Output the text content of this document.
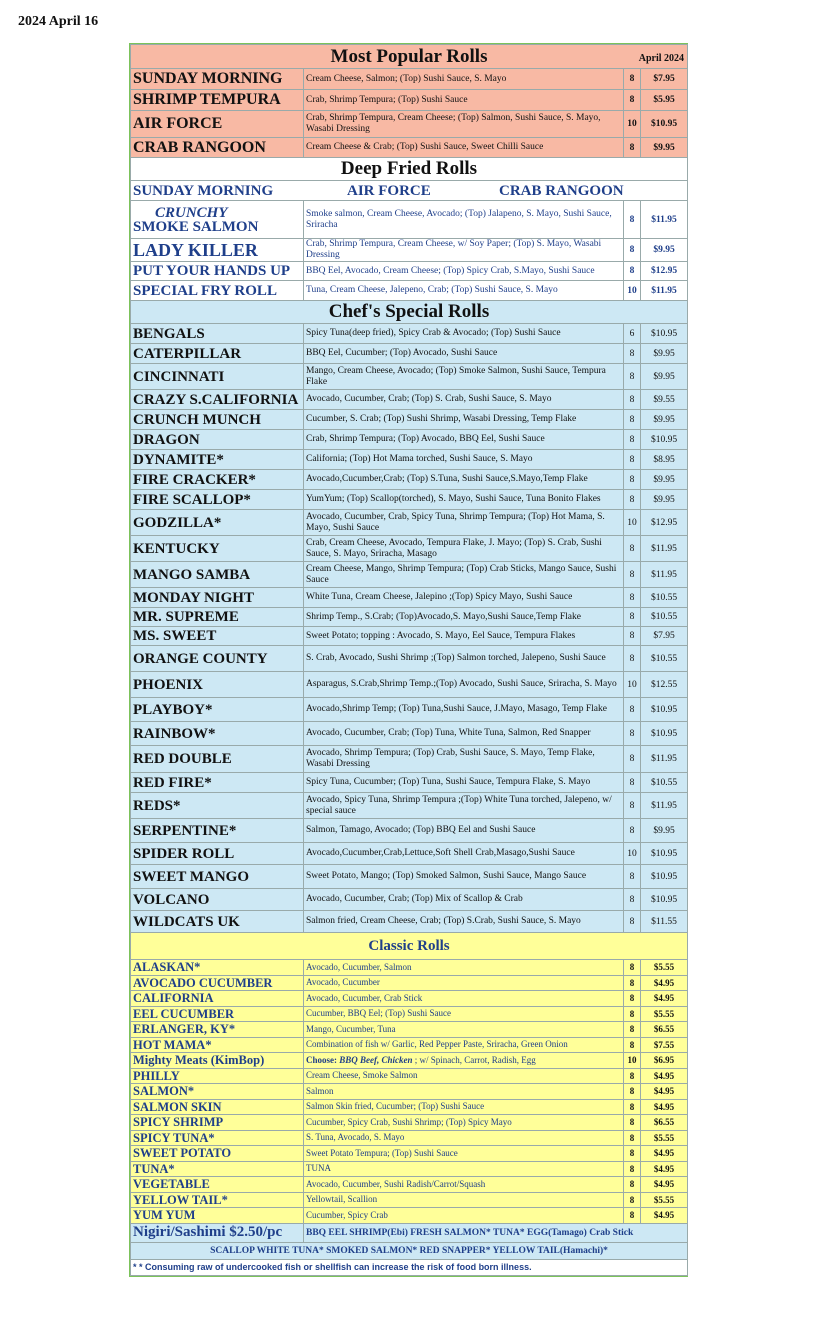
2024 April 16
Most Popular Rolls April 2024			

SUNDAY MORNING	Cream Cheese, Salmon; (Top) Sushi Sauce, S. Mayo	8	$7.95
SHRIMP TEMPURA	Crab, Shrimp Tempura; (Top) Sushi Sauce	8	$5.95
AIR FORCE	Crab, Shrimp Tempura, Cream Cheese; (Top) Salmon, Sushi Sauce, S. Mayo, Wasabi Dressing	10	$10.95
CRAB RANGOON	Cream Cheese & Crab; (Top) Sushi Sauce, Sweet Chilli Sauce	8	$9.95
Deep Fried Rolls			

SUNDAY MORNING AIR FORCE CRAB RANGOON			

CRUNCHY
SMOKE SALMON	Smoke salmon, Cream Cheese, Avocado; (Top) Jalapeno, S. Mayo, Sushi Sauce, Sriracha	8	$11.95
LADY KILLER	Crab, Shrimp Tempura, Cream Cheese, w/ Soy Paper; (Top) S. Mayo, Wasabi Dressing	8	$9.95
PUT YOUR HANDS UP	BBQ Eel, Avocado, Cream Cheese; (Top) Spicy Crab, S.Mayo, Sushi Sauce	8	$12.95
SPECIAL FRY ROLL	Tuna, Cream Cheese, Jalepeno, Crab; (Top) Sushi Sauce, S. Mayo	10	$11.95
Chef's Special Rolls			
BENGALS	Spicy Tuna(deep fried), Spicy Crab & Avocado; (Top) Sushi Sauce	6	$10.95
CATERPILLAR	BBQ Eel, Cucumber; (Top) Avocado, Sushi Sauce	8	$9.95
CINCINNATI	Mango, Cream Cheese, Avocado; (Top) Smoke Salmon, Sushi Sauce, Tempura Flake	8	$9.95
CRAZY S.CALIFORNIA	Avocado, Cucumber, Crab; (Top) S. Crab, Sushi Sauce, S. Mayo	8	$9.55
CRUNCH MUNCH	Cucumber, S. Crab; (Top) Sushi Shrimp, Wasabi Dressing, Temp Flake	8	$9.95
DRAGON	Crab, Shrimp Tempura; (Top) Avocado, BBQ Eel, Sushi Sauce	8	$10.95
DYNAMITE*	California; (Top) Hot Mama torched, Sushi Sauce, S. Mayo	8	$8.95
FIRE CRACKER*	Avocado,Cucumber,Crab; (Top) S.Tuna, Sushi Sauce,S.Mayo,Temp Flake	8	$9.95
FIRE SCALLOP*	YumYum; (Top) Scallop(torched), S. Mayo, Sushi Sauce, Tuna Bonito Flakes	8	$9.95
GODZILLA*	Avocado, Cucumber, Crab, Spicy Tuna, Shrimp Tempura; (Top) Hot Mama, S. Mayo, Sushi Sauce	10	$12.95
KENTUCKY	Crab, Cream Cheese, Avocado, Tempura Flake, J. Mayo; (Top) S. Crab, Sushi Sauce, S. Mayo, Sriracha, Masago	8	$11.95
MANGO SAMBA	Cream Cheese, Mango, Shrimp Tempura; (Top) Crab Sticks, Mango Sauce, Sushi Sauce	8	$11.95
MONDAY NIGHT	White Tuna, Cream Cheese, Jalepino ;(Top) Spicy Mayo, Sushi Sauce	8	$10.55
MR. SUPREME	Shrimp Temp., S.Crab; (Top)Avocado,S. Mayo,Sushi Sauce,Temp Flake	8	$10.55
MS. SWEET	Sweet Potato; topping : Avocado, S. Mayo, Eel Sauce, Tempura Flakes	8	$7.95
ORANGE COUNTY	S. Crab, Avocado, Sushi Shrimp ;(Top) Salmon torched, Jalepeno, Sushi Sauce	8	$10.55
PHOENIX	Asparagus, S.Crab,Shrimp Temp.;(Top) Avocado, Sushi Sauce, Sriracha, S. Mayo	10	$12.55
PLAYBOY*	Avocado,Shrimp Temp; (Top) Tuna,Sushi Sauce, J.Mayo, Masago, Temp Flake	8	$10.95
RAINBOW*	Avocado, Cucumber, Crab; (Top) Tuna, White Tuna, Salmon, Red Snapper	8	$10.95
RED DOUBLE	Avocado, Shrimp Tempura; (Top) Crab, Sushi Sauce, S. Mayo, Temp Flake, Wasabi Dressing	8	$11.95
RED FIRE*	Spicy Tuna, Cucumber; (Top) Tuna, Sushi Sauce, Tempura Flake, S. Mayo	8	$10.55
REDS*	Avocado, Spicy Tuna, Shrimp Tempura ;(Top) White Tuna torched, Jalepeno, w/ special sauce	8	$11.95
SERPENTINE*	Salmon, Tamago, Avocado; (Top) BBQ Eel and Sushi Sauce	8	$9.95
SPIDER ROLL	Avocado,Cucumber,Crab,Lettuce,Soft Shell Crab,Masago,Sushi Sauce	10	$10.95
SWEET MANGO	Sweet Potato, Mango; (Top) Smoked Salmon, Sushi Sauce, Mango Sauce	8	$10.95
VOLCANO	Avocado, Cucumber, Crab; (Top) Mix of Scallop & Crab	8	$10.95
WILDCATS UK	Salmon fried, Cream Cheese, Crab; (Top) S.Crab, Sushi Sauce, S. Mayo	8	$11.55
Classic Rolls			
ALASKAN*	Avocado, Cucumber, Salmon	8	$5.55
AVOCADO CUCUMBER	Avocado, Cucumber	8	$4.95
CALIFORNIA	Avocado, Cucumber, Crab Stick	8	$4.95
EEL CUCUMBER	Cucumber, BBQ Eel; (Top) Sushi Sauce	8	$5.55
ERLANGER, KY*	Mango, Cucumber, Tuna	8	$6.55
HOT MAMA*	Combination of fish w/ Garlic, Red Pepper Paste, Sriracha, Green Onion	8	$7.55
Mighty Meats (KimBop)	Choose: BBQ Beef, Chicken ; w/ Spinach, Carrot, Radish, Egg	10	$6.95
PHILLY	Cream Cheese, Smoke Salmon	8	$4.95
SALMON*	Salmon	8	$4.95
SALMON SKIN	Salmon Skin fried, Cucumber; (Top) Sushi Sauce	8	$4.95
SPICY SHRIMP	Cucumber, Spicy Crab, Sushi Shrimp; (Top) Spicy Mayo	8	$6.55
SPICY TUNA*	S. Tuna, Avocado, S. Mayo	8	$5.55
SWEET POTATO	Sweet Potato Tempura; (Top) Sushi Sauce	8	$4.95
TUNA*	TUNA	8	$4.95
VEGETABLE	Avocado, Cucumber, Sushi Radish/Carrot/Squash	8	$4.95
YELLOW TAIL*	Yellowtail, Scallion	8	$5.55
YUM YUM	Cucumber, Spicy Crab	8	$4.95
Nigiri/Sashimi $2.50/pc	BBQ EEL SHRIMP(Ebi) FRESH SALMON* TUNA* EGG(Tamago) Crab Stick		
SCALLOP WHITE TUNA* SMOKED SALMON* RED SNAPPER* YELLOW TAIL(Hamachi)*			
* * Consuming raw of undercooked fish or shellfish can increase the risk of food born illness.			
